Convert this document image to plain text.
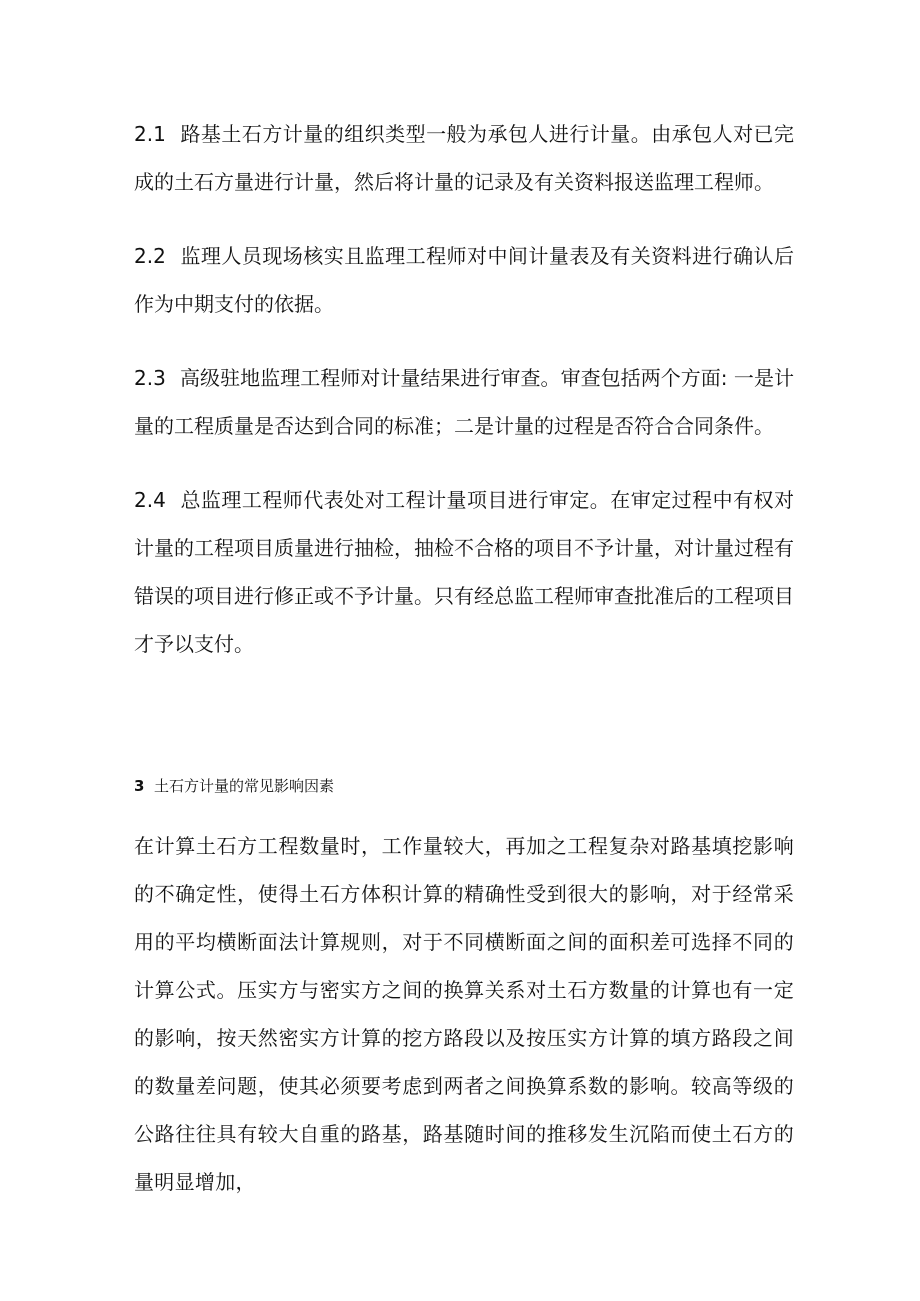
2.1 路基土石方计量的组织类型一般为承包人进行计量。由承包人对已完成的土石方量进行计量，然后将计量的记录及有关资料报送监理工程师。

2.2 监理人员现场核实且监理工程师对中间计量表及有关资料进行确认后作为中期支付的依据。

2.3 高级驻地监理工程师对计量结果进行审查。审查包括两个方面: 一是计量的工程质量是否达到合同的标准；二是计量的过程是否符合合同条件。

2.4 总监理工程师代表处对工程计量项目进行审定。在审定过程中有权对计量的工程项目质量进行抽检，抽检不合格的项目不予计量，对计量过程有错误的项目进行修正或不予计量。只有经总监工程师审查批准后的工程项目才予以支付。

3 土石方计量的常见影响因素

在计算土石方工程数量时，工作量较大，再加之工程复杂对路基填挖影响的不确定性，使得土石方体积计算的精确性受到很大的影响，对于经常采用的平均横断面法计算规则，对于不同横断面之间的面积差可选择不同的计算公式。压实方与密实方之间的换算关系对土石方数量的计算也有一定的影响，按天然密实方计算的挖方路段以及按压实方计算的填方路段之间的数量差问题，使其必须要考虑到两者之间换算系数的影响。较高等级的公路往往具有较大自重的路基，路基随时间的推移发生沉陷而使土石方的量明显增加，
